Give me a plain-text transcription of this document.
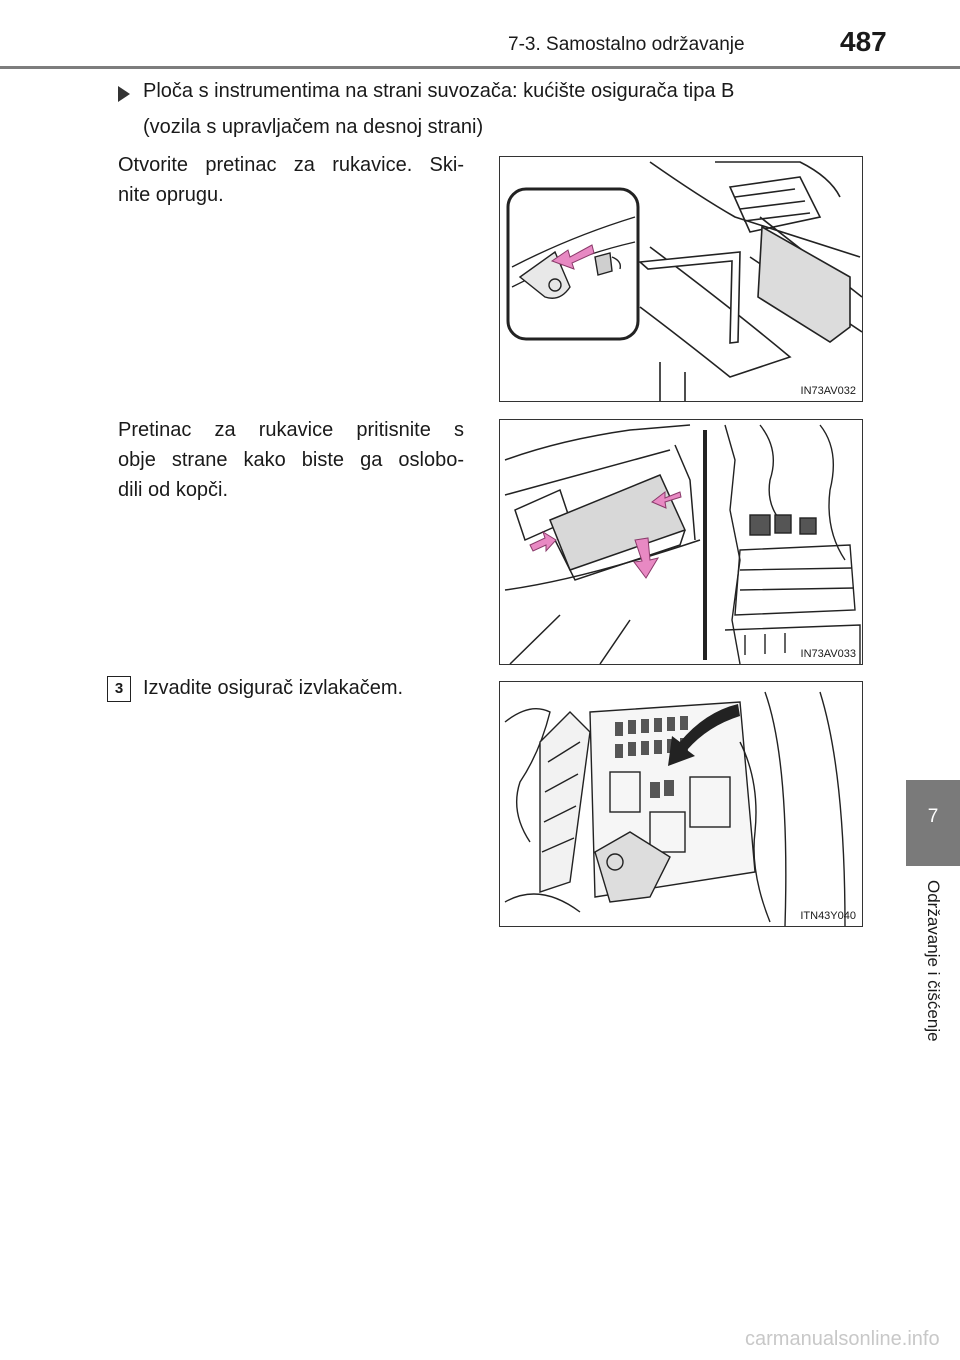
7-3. Samostalno održavanje	487
7
Održavanje i čišćenje
Ploča s instrumentima na strani suvozača: kućište osigurača tipa B
(vozila s upravljačem na desnoj strani)
Otvorite pretinac za rukavice. Ski-
nite oprugu.
Pretinac za rukavice pritisnite s
obje strane kako biste ga oslobo-
dili od kopči.
3 Izvadite osigurač izvlakačem.
IN73AV032
IN73AV033
ITN43Y040
carmanualsonline.info
